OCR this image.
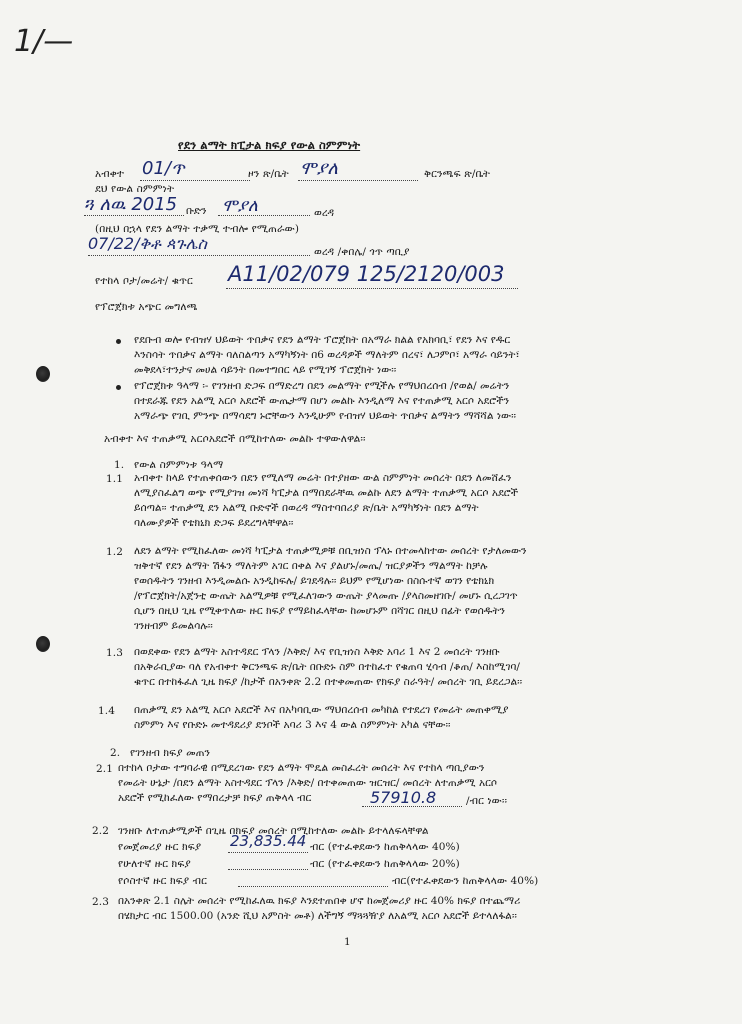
1/—
የደን ልማት ክፒታል ክፍያ የውል ስምምነት
አብቀተ 01/ጥ	ዞን ጽ/ቤት ሞያለ	ቅርንጫፍ ጽ/ቤት
ደህ የውል ስምምነት
ጓ ለዉ 2015 ቡድን ሞያለ	ወረዳ
(በዚህ በኋላ የደን ልማት ተቃሚ ተብሎ የሚጠራው)
07/22/ቅቶ ጳጉሌስ	ወረዳ /ቀበሌ/ ጎጥ ጣቢያ
የተከላ ቦታ/መሬት/ ቁጥር A11/02/079 125/2120/003
የፕሮጀክቱ አጭር መግለጫ
የደቡብ ወሎ የብዝሃ ህይወት ጥበቃና የደን ልማት ፕሮጀክት በአማራ ክልል የአክባቢ፣ የደን እና የዱር
እንስሳት ጥበቃና ልማት ባለስልጣን አማካኝነት በ6 ወረዳዎች ማለትም በረና፣ ለጋምቦ፣ አማራ ሳይንት፣
መቅደላ፣ተንታና መሀል ሳይንት በመተግበር ላይ የሚገኝ ፕሮጀክት ነው፡፡
የፕሮጀክቱ ዓላማ ፡- የገንዘብ ድጋፍ በማድረግ በደን መልማት የሚችሉ የማህበረሰብ /የወል/ መሬትን
በተደራጁ የደን አልሚ አርሶ አደሮች ውጤታማ በሆነ መልኩ እንዲለማ እና የተጠቃሚ አርሶ አደሮችን
አማራጭ የገቢ ምንጭ በማሳደግ ኑሮቸውን እንዲሁም የብዝሃ ህይወት ጥበቃና ልማትን ማሻሻል ነው፡፡
አብቀተ እና ተጠቃሚ አርሶአደሮች በሚከተለው መልኩ ተዋውለዋል፡፡
1. የውል ስምምነቱ ዓላማ
1.1 አብቀተ ከላይ የተጠቀሰውን በደን የሚለማ መሬት በተያዘው ውል ስምምነት መሰረት በደን ለመሸፈን
ለሚያስፈልግ ወጭ የሚያገዝ መነሻ ካፒታል በማበደራቸዉ መልኩ ለደን ልማት ተጠቃሚ አርሶ አደሮች
ይሰጣል፡፡ ተጠቃሚ ደን አልሚ ቡድኖች በወረዳ ማስተባበሪያ ጽ/ቤት አማካኝነት በደን ልማት
ባለሙያዎች የቴክኒክ ድጋፍ ይደረግላቸዋል፡፡
1.2 ለደን ልማት የሚከፈለው መነሻ ካፒታል ተጠቃሚዎቹ በቢዝነስ ፕላኑ በተመላከተው መሰረት የታለመውን
ዝቅተኛ የደን ልማት ሽፋን ማለትም አገር በቀል እና ያልሆኑ/መጤ/ ዝርያዎችን ማልማት ከቻሉ
የወሰዱትን ገንዘብ እንዲመልሱ አንዲከፍሉ/ ይገደዳሉ፡፡ ይህም የሚሆነው በስሱተኛ ወገን የቴክኒክ
/የፕሮጀክት/አጀንቲ ውጤት አልሚዎቹ የሚፈለገውን ውጤት ያላመጡ /ያላስመዘገቡ/ መሆኑ ሲረጋገጥ
ሲሆን በዚህ ጊዜ የሚቀጥለው ዙር ክፍያ የማይከፈላቸው ከመሆኑም በሻገር በዚህ በፊት የወሰዱትን
ገንዘብም ይመልሳሉ፡፡
1.3 በወደቀው የደን ልማት አስተዳደር ፕላን /እቅድ/ እና የቢዝነስ እቅድ አባሪ 1 እና 2 መሰረት ገንዘቡ
በአቅራቢያው ባለ የአብቀተ ቅርንጫፍ ጽ/ቤት በቡድኑ ስም በተከፈተ የቁጠባ ሂሳብ /ቆጠ/ እስከሚገባ/
ቁጥር በተከፋፈለ ጊዜ ክፍያ /ከታች በአንቀጽ 2.2 በተቀመጠው የክፍያ ስራዓት/ መሰረት ገቢ ይደረጋል፡፡
1.4 በጠቃሚ ደን አልሚ አርሶ አደሮች እና በአካባቢው ማህበረሰብ መካከል የተደረገ የመሬት መጠቀሚያ
ስምምነ እና የቡድኑ መተዳደሪያ ደንቦች አባሪ 3 እና 4 ውል ስምምነት አካል ናቸው፡፡
2. የገንዘብ ክፍያ መጠን
2.1 በተከላ ቦታው ተግባራዊ በሚደረገው የደን ልማት ሞዴል መስፈረት መሰረት እና የተከላ ጣቢያውን
የመሬት ሁኔታ /በደን ልማት አስተዳደር ፕላን /እቅድ/ በተቀመጠው ዝርዝር/ መሰረት ለተጠቃሚ አርሶ
አደሮች የሚከፈለው የማበረታቻ ክፍያ ጠቅላላ ብር	57910.8	/ብር ነው፡፡
2.2 ገንዘቡ ለተጠቃሚዎች በጊዜ በክፍያ መሰረት በሚከተለው መልኩ ይተላለፍላቸዋል
የመጀመሪያ ዙር ክፍያ 23,835.44 ብር (የተፈቀደውን ከጠቅላላው 40%)
የሁለተኛ ዙር ክፍያ	ብር (የተፈቀደውን ከጠቅላላው 20%)
የሶስተኛ ዙር ክፍያ ብር	ብር(የተፈቀደውን ከጠቅላላው 40%)
2.3 በአንቀጽ 2.1 ስሌት መሰረት የሚከፈለዉ ክፍያ እንደተጠበቀ ሆኖ ከመጀመሪያ ዙር 40% ክፍያ በተጨማሪ
በሄክታር ብር 1500.00 (አንድ ሺህ አምስት መቶ) ለችግኝ ማጓጓዥያ ለአልሚ አርሶ አደሮች ይተላለፋል፡፡
1
